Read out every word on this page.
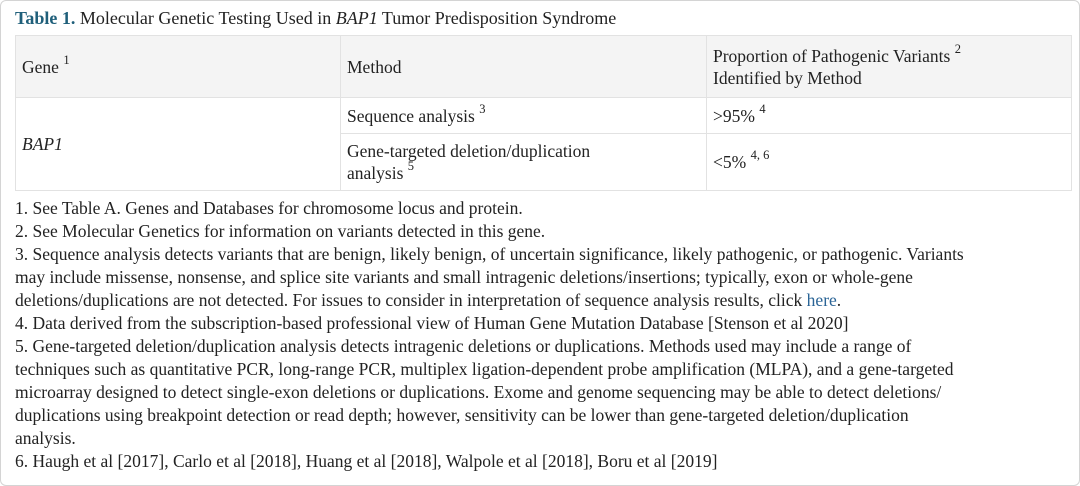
Table 1. Molecular Genetic Testing Used in BAP1 Tumor Predisposition Syndrome
Gene $^1$	Method	Proportion of Pathogenic Variants $^2$
Identified by Method
BAP1	Sequence analysis $^3$	>95% $^4$
	Gene-targeted deletion/duplication
analysis $^5$	<5% $^{4, 6}$

1. See Table A. Genes and Databases for chromosome locus and protein.

2. See Molecular Genetics for information on variants detected in this gene.

3. Sequence analysis detects variants that are benign, likely benign, of uncertain significance, likely pathogenic, or pathogenic. Variants
may include missense, nonsense, and splice site variants and small intragenic deletions/insertions; typically, exon or whole-gene
deletions/duplications are not detected. For issues to consider in interpretation of sequence analysis results, click here.

4. Data derived from the subscription-based professional view of Human Gene Mutation Database [Stenson et al 2020]

5. Gene-targeted deletion/duplication analysis detects intragenic deletions or duplications. Methods used may include a range of
techniques such as quantitative PCR, long-range PCR, multiplex ligation-dependent probe amplification (MLPA), and a gene-targeted
microarray designed to detect single-exon deletions or duplications. Exome and genome sequencing may be able to detect deletions/
duplications using breakpoint detection or read depth; however, sensitivity can be lower than gene-targeted deletion/duplication
analysis.

6. Haugh et al [2017], Carlo et al [2018], Huang et al [2018], Walpole et al [2018], Boru et al [2019]
